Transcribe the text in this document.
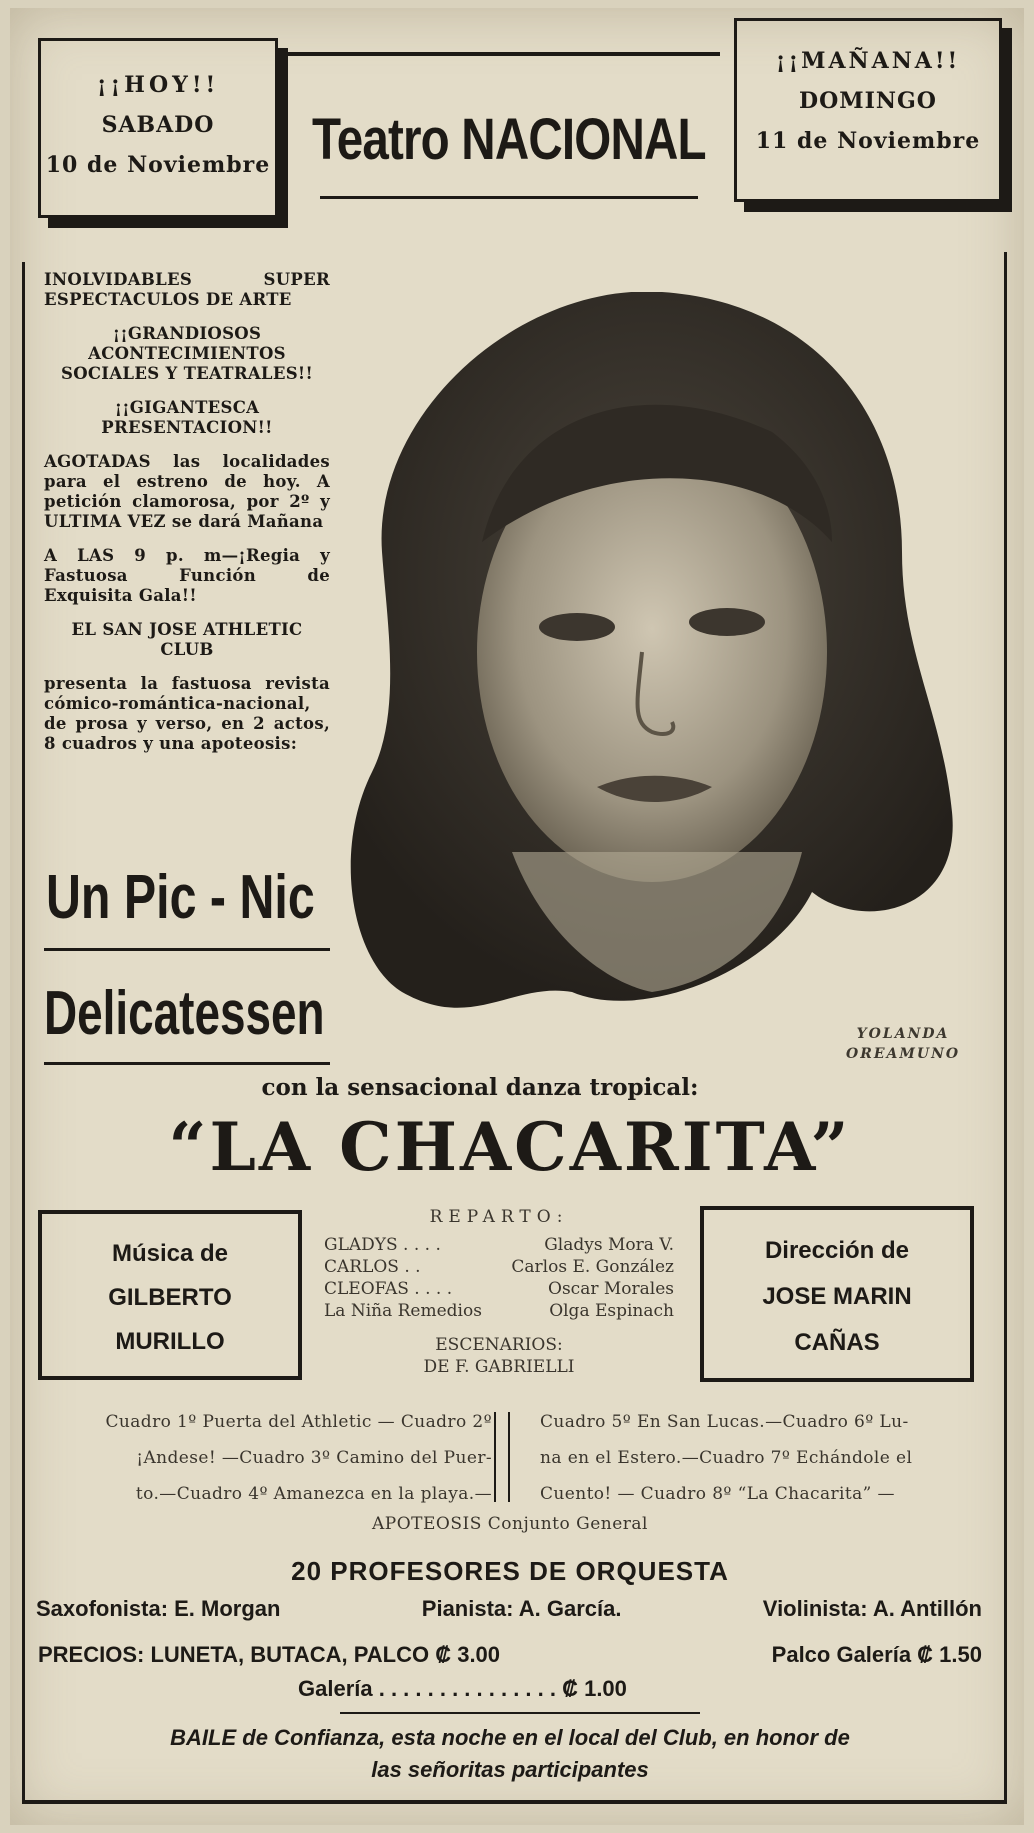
¡¡HOY!!
SABADO
10 de Noviembre Teatro NACIONAL
¡¡MAÑANA!!
DOMINGO
11 de Noviembre

INOLVIDABLES SUPER ESPECTACULOS DE ARTE

¡¡GRANDIOSOS ACONTECIMIENTOS SOCIALES Y TEATRALES!!

¡¡GIGANTESCA PRESENTACION!!

AGOTADAS las localidades para el estreno de hoy. A petición clamorosa, por 2º y ULTIMA VEZ se dará Mañana

A LAS 9 p. m—¡Regia y Fastuosa Función de Exquisita Gala!!

EL SAN JOSE ATHLETIC CLUB

presenta la fastuosa revista cómico-romántica-nacional, de prosa y verso, en 2 actos, 8 cuadros y una apoteosis:

Un Pic - Nic
Delicatessen	YOLANDA
OREAMUNO
con la sensacional danza tropical:
“LA CHACARITA”
Música de
GILBERTO
MURILLO
REPARTO:
GLADYS . . . .	Gladys Mora V.
CARLOS . .	Carlos E. González
CLEOFAS . . . .	Oscar Morales
La Niña Remedios	Olga Espinach
ESCENARIOS:
DE F. GABRIELLI
Dirección de
JOSE MARIN
CAÑAS
Cuadro 1º Puerta del Athletic — Cuadro 2º
¡Andese! —Cuadro 3º Camino del Puer-
to.—Cuadro 4º Amanezca en la playa.—
Cuadro 5º En San Lucas.—Cuadro 6º Lu-
na en el Estero.—Cuadro 7º Echándole el
Cuento! — Cuadro 8º “La Chacarita” —
APOTEOSIS Conjunto General
20 PROFESORES DE ORQUESTA
Saxofonista: E. Morgan	Pianista: A. García.	Violinista: A. Antillón
PRECIOS: LUNETA, BUTACA, PALCO ₡ 3.00	Palco Galería ₡ 1.50
Galería . . . . . . . . . . . . . . . ₡ 1.00
BAILE de Confianza, esta noche en el local del Club, en honor de
las señoritas participantes
